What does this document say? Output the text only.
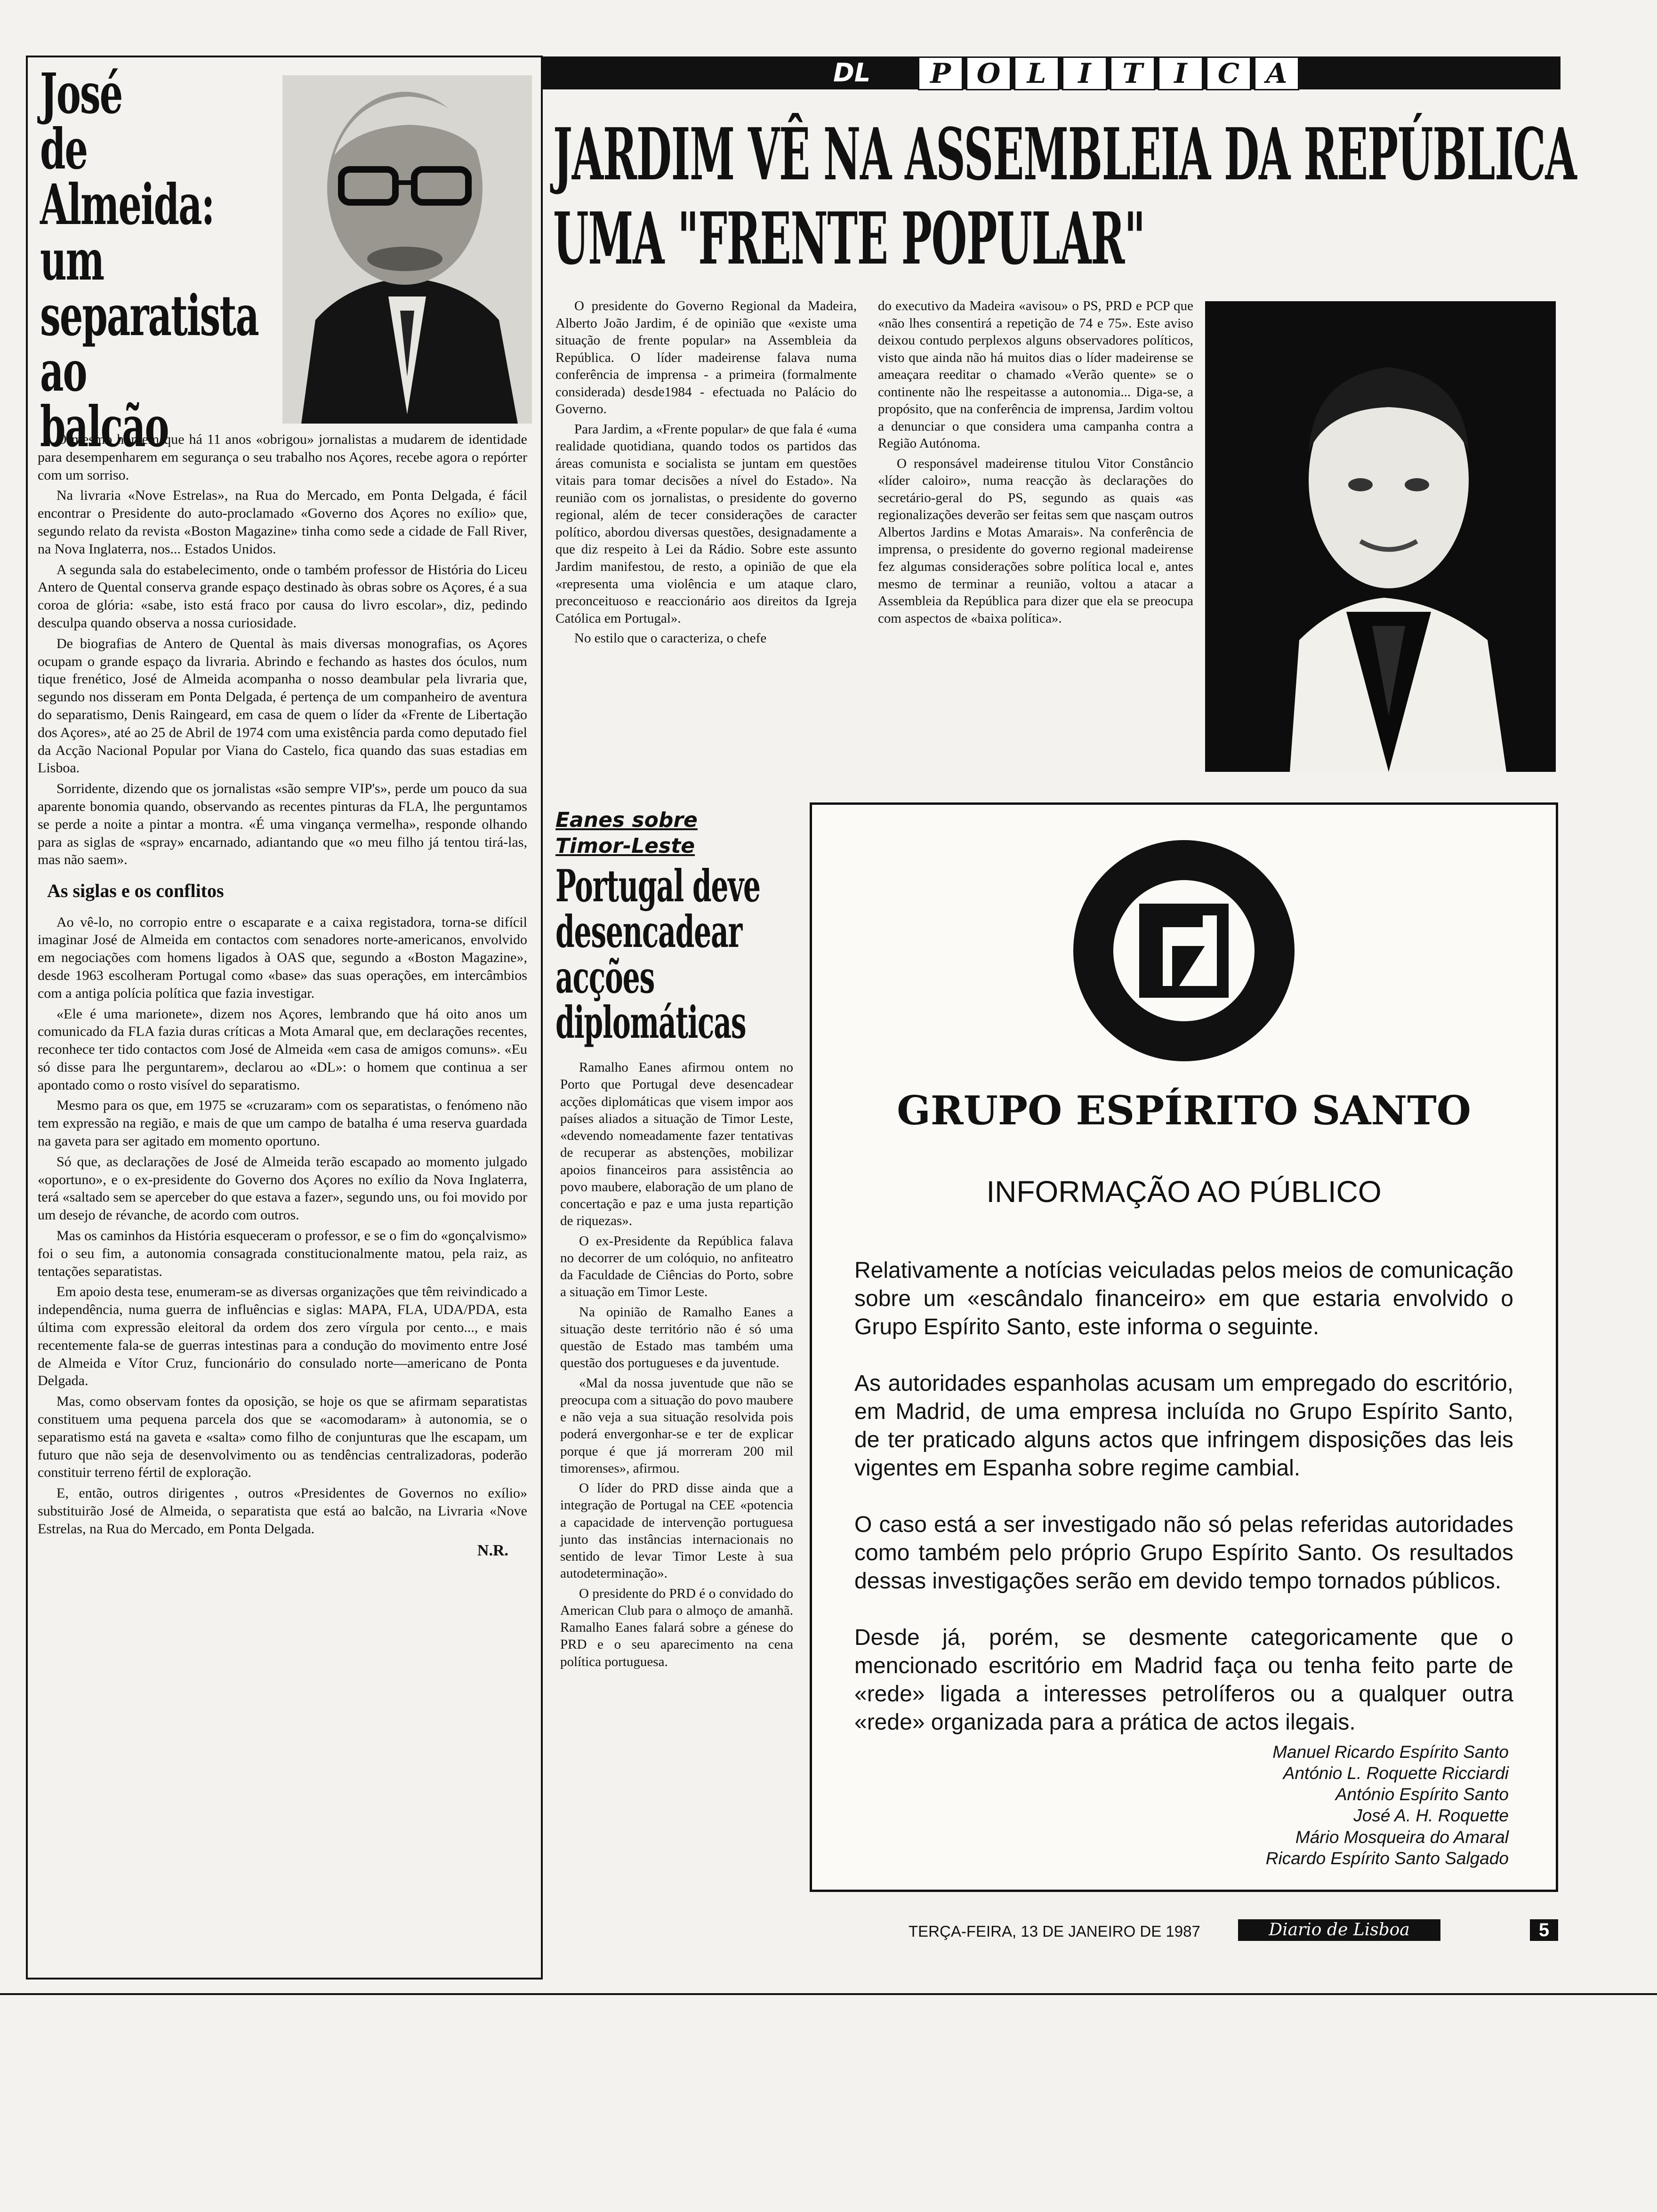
José
de Almeida:
um
separatista
ao balcão

O mesmo homem que há 11 anos «obrigou» jornalistas a mudarem de identidade para desempenharem em segurança o seu trabalho nos Açores, recebe agora o repórter com um sorriso.

Na livraria «Nove Estrelas», na Rua do Mercado, em Ponta Delgada, é fácil encontrar o Presidente do auto-proclamado «Governo dos Açores no exílio» que, segundo relato da revista «Boston Magazine» tinha como sede a cidade de Fall River, na Nova Inglaterra, nos... Estados Unidos.

A segunda sala do estabelecimento, onde o também professor de História do Liceu Antero de Quental conserva grande espaço destinado às obras sobre os Açores, é a sua coroa de glória: «sabe, isto está fraco por causa do livro escolar», diz, pedindo desculpa quando observa a nossa curiosidade.

De biografias de Antero de Quental às mais diversas monografias, os Açores ocupam o grande espaço da livraria. Abrindo e fechando as hastes dos óculos, num tique frenético, José de Almeida acompanha o nosso deambular pela livraria que, segundo nos disseram em Ponta Delgada, é pertença de um companheiro de aventura do separatismo, Denis Raingeard, em casa de quem o líder da «Frente de Libertação dos Açores», até ao 25 de Abril de 1974 com uma existência parda como deputado fiel da Acção Nacional Popular por Viana do Castelo, fica quando das suas estadias em Lisboa.

Sorridente, dizendo que os jornalistas «são sempre VIP's», perde um pouco da sua aparente bonomia quando, observando as recentes pinturas da FLA, lhe perguntamos se perde a noite a pintar a montra. «É uma vingança vermelha», responde olhando para as siglas de «spray» encarnado, adiantando que «o meu filho já tentou tirá-las, mas não saem».

As siglas e os conflitos

Ao vê-lo, no corropio entre o escaparate e a caixa registadora, torna-se difícil imaginar José de Almeida em contactos com senadores norte-americanos, envolvido em negociações com homens ligados à OAS que, segundo a «Boston Magazine», desde 1963 escolheram Portugal como «base» das suas operações, em intercâmbios com a antiga polícia política que fazia investigar.

«Ele é uma marionete», dizem nos Açores, lembrando que há oito anos um comunicado da FLA fazia duras críticas a Mota Amaral que, em declarações recentes, reconhece ter tido contactos com José de Almeida «em casa de amigos comuns». «Eu só disse para lhe perguntarem», declarou ao «DL»: o homem que continua a ser apontado como o rosto visível do separatismo.

Mesmo para os que, em 1975 se «cruzaram» com os separatistas, o fenómeno não tem expressão na região, e mais de que um campo de batalha é uma reserva guardada na gaveta para ser agitado em momento oportuno.

Só que, as declarações de José de Almeida terão escapado ao momento julgado «oportuno», e o ex-presidente do Governo dos Açores no exílio da Nova Inglaterra, terá «saltado sem se aperceber do que estava a fazer», segundo uns, ou foi movido por um desejo de révanche, de acordo com outros.

Mas os caminhos da História esqueceram o professor, e se o fim do «gonçalvismo» foi o seu fim, a autonomia consagrada constitucionalmente matou, pela raiz, as tentações separatistas.

Em apoio desta tese, enumeram-se as diversas organizações que têm reivindicado a independência, numa guerra de influências e siglas: MAPA, FLA, UDA/PDA, esta última com expressão eleitoral da ordem dos zero vírgula por cento..., e mais recentemente fala-se de guerras intestinas para a condução do movimento entre José de Almeida e Vítor Cruz, funcionário do consulado norte—americano de Ponta Delgada.

Mas, como observam fontes da oposição, se hoje os que se afirmam separatistas constituem uma pequena parcela dos que se «acomodaram» à autonomia, se o separatismo está na gaveta e «salta» como filho de conjunturas que lhe escapam, um futuro que não seja de desenvolvimento ou as tendências centralizadoras, poderão constituir terreno fértil de exploração.

E, então, outros dirigentes , outros «Presidentes de Governos no exílio» substituirão José de Almeida, o separatista que está ao balcão, na Livraria «Nove Estrelas, na Rua do Mercado, em Ponta Delgada.

N.R.
DL	P O L I T I C A
JARDIM VÊ NA ASSEMBLEIA DA REPÚBLICA
UMA "FRENTE POPULAR"

O presidente do Governo Regional da Madeira, Alberto João Jardim, é de opinião que «existe uma situação de frente popular» na Assembleia da República. O líder madeirense falava numa conferência de imprensa - a primeira (formalmente considerada) desde1984 - efectuada no Palácio do Governo.

Para Jardim, a «Frente popular» de que fala é «uma realidade quotidiana, quando todos os partidos das áreas comunista e socialista se juntam em questões vitais para tomar decisões a nível do Estado». Na reunião com os jornalistas, o presidente do governo regional, além de tecer considerações de caracter político, abordou diversas questões, designadamente a que diz respeito à Lei da Rádio. Sobre este assunto Jardim manifestou, de resto, a opinião de que ela «representa uma violência e um ataque claro, preconceituoso e reaccionário aos direitos da Igreja Católica em Portugal».

No estilo que o caracteriza, o chefe

do executivo da Madeira «avisou» o PS, PRD e PCP que «não lhes consentirá a repetição de 74 e 75». Este aviso deixou contudo perplexos alguns observadores políticos, visto que ainda não há muitos dias o líder madeirense se ameaçara reeditar o chamado «Verão quente» se o continente não lhe respeitasse a autonomia... Diga-se, a propósito, que na conferência de imprensa, Jardim voltou a denunciar o que considera uma campanha contra a Região Autónoma.

O responsável madeirense titulou Vitor Constâncio «líder caloiro», numa reacção às declarações do secretário-geral do PS, segundo as quais «as regionalizações deverão ser feitas sem que nasçam outros Albertos Jardins e Motas Amarais». Na conferência de imprensa, o presidente do governo regional madeirense fez algumas considerações sobre política local e, antes mesmo de terminar a reunião, voltou a atacar a Assembleia da República para dizer que ela se preocupa com aspectos de «baixa política».

Eanes sobre
Timor-Leste
Portugal deve
desencadear
acções
diplomáticas

Ramalho Eanes afirmou ontem no Porto que Portugal deve desencadear acções diplomáticas que visem impor aos países aliados a situação de Timor Leste, «devendo nomeadamente fazer tentativas de recuperar as abstenções, mobilizar apoios financeiros para assistência ao povo maubere, elaboração de um plano de concertação e paz e uma justa repartição de riquezas».

O ex-Presidente da República falava no decorrer de um colóquio, no anfiteatro da Faculdade de Ciências do Porto, sobre a situação em Timor Leste.

Na opinião de Ramalho Eanes a situação deste território não é só uma questão de Estado mas também uma questão dos portugueses e da juventude.

«Mal da nossa juventude que não se preocupa com a situação do povo maubere e não veja a sua situação resolvida pois poderá envergonhar-se e ter de explicar porque é que já morreram 200 mil timorenses», afirmou.

O líder do PRD disse ainda que a integração de Portugal na CEE «potencia a capacidade de intervenção portuguesa junto das instâncias internacionais no sentido de levar Timor Leste à sua autodeterminação».

O presidente do PRD é o convidado do American Club para o almoço de amanhã. Ramalho Eanes falará sobre a génese do PRD e o seu aparecimento na cena política portuguesa.

GRUPO ESPÍRITO SANTO
INFORMAÇÃO AO PÚBLICO

Relativamente a notícias veiculadas pelos meios de comunicação sobre um «escândalo financeiro» em que estaria envolvido o Grupo Espírito Santo, este informa o seguinte.

As autoridades espanholas acusam um empregado do escritório, em Madrid, de uma empresa incluída no Grupo Espírito Santo, de ter praticado alguns actos que infringem disposições das leis vigentes em Espanha sobre regime cambial.

O caso está a ser investigado não só pelas referidas autoridades como também pelo próprio Grupo Espírito Santo. Os resultados dessas investigações serão em devido tempo tornados públicos.

Desde já, porém, se desmente categoricamente que o mencionado escritório em Madrid faça ou tenha feito parte de «rede» ligada a interesses petrolíferos ou a qualquer outra «rede» organizada para a prática de actos ilegais.

Manuel Ricardo Espírito Santo
António L. Roquette Ricciardi
António Espírito Santo
José A. H. Roquette
Mário Mosqueira do Amaral
Ricardo Espírito Santo Salgado
TERÇA-FEIRA, 13 DE JANEIRO DE 1987	Diario de Lisboa	5
